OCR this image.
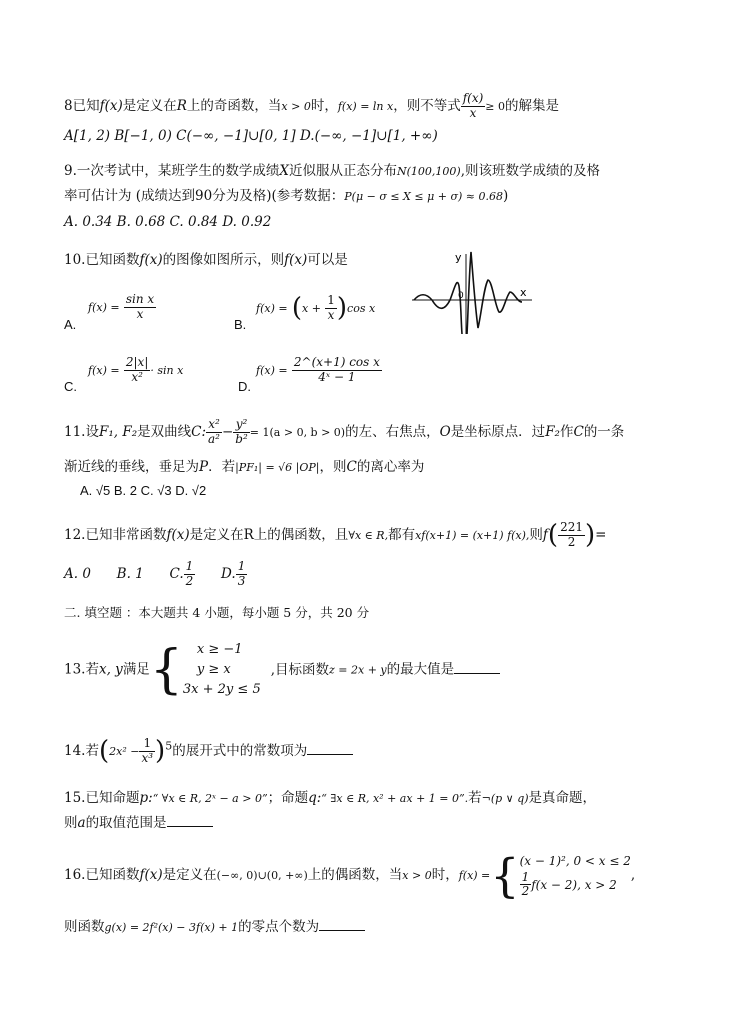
8已知f(x)是定义在R上的奇函数，当x > 0时，f(x) = ln x，则不等式 $\frac{f(x)}{x} \ge 0$的解集是
A[1, 2) B[−1, 0) C(−∞, −1]∪[0, 1] D.(−∞, −1]∪[1, +∞)
9.一次考试中，某班学生的数学成绩X近似服从正态分布N(100,100),则该班数学成绩的及格
率可估计为 (成绩达到90分为及格)(参考数据：P(μ − σ ≤ X ≤ μ + σ) ≈ 0.68)
A. 0.34 B. 0.68 C. 0.84 D. 0.92
10.已知函数f(x)的图像如图所示，则f(x)可以是	y
x
0
A.
$f(x) = \frac{\text{sin x}}{x}$
B.
$f(x) = (x + \frac{1}{x} )\cos$ x
C.
$f(x) = \frac{2|x|}{\text{x²}} \cdot \sin x$
D.
$f(x) = \frac{\text{2\textasciicircum{}(x+1) cos x}}{\text{4ˣ − 1}}$
11.设F₁, F₂是双曲线C: $\frac{\text{x²}}{\text{a²}} - \frac{\text{y²}}{\text{b²}} = 1(a > 0$, b > 0)的左、右焦点，O是坐标原点．过F₂作C的一条
渐近线的垂线，垂足为P．若|PF₁| = √6 |OP|，则C的离心率为
A. √5 B. 2 C. √3 D. √2
12.已知非常函数f(x)是定义在R上的偶函数，且∀x ∈ R,都有xf(x+1) = (x+1) f(x),则$f( \frac{221}{2}$ )=
A. 0 B. 1 C. $\frac{1}{2} D$. $\frac{1}{3}$
二. 填空题 ：本大题共 4 小题，每小题 5 分，共 20 分
13.若x, y满足{	x ≥ −1
y ≥ x
3x + 2y ≤ 5
,目标函数z = 2x + y的最大值是
14.若$(2x^2 - \frac{1}{\text{x³}} )^5$的展开式中的常数项为
15.已知命题p:“ ∀x ∈ R, 2ˣ − a > 0”；命题q:“ ∃x ∈ R, x² + ax + 1 = 0”.若¬(p ∨ q)是真命题，
则a的取值范围是
16.已知函数f(x)是定义在(−∞, 0)∪(0, +∞)上的偶函数，当x > 0时，f(x) ={ (x − 1)², 0 < x ≤ 2
$\frac{1}{2} f(x - 2)$, x > 2
,
则函数g(x) = 2f²(x) − 3f(x) + 1的零点个数为
